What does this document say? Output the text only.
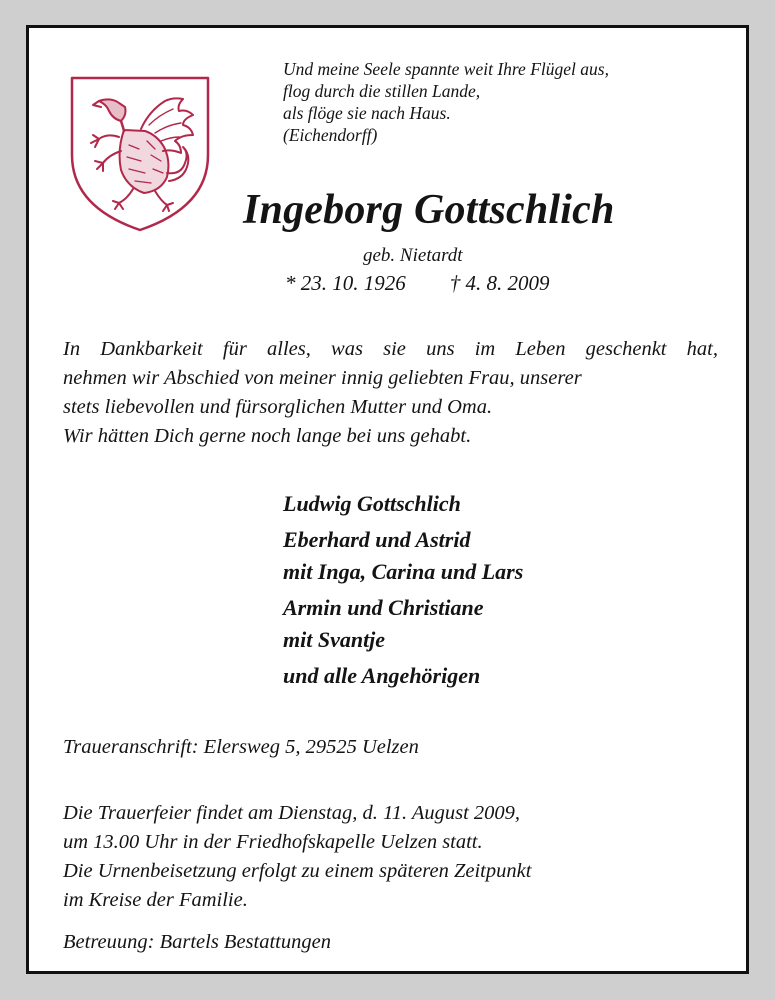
Und meine Seele spannte weit Ihre Flügel aus,
flog durch die stillen Lande,
als flöge sie nach Haus.
(Eichendorff)
Ingeborg Gottschlich
geb. Nietardt
* 23. 10. 1926 † 4. 8. 2009
In Dankbarkeit für alles, was sie uns im Leben geschenkt hat,
nehmen wir Abschied von meiner innig geliebten Frau, unserer
stets liebevollen und fürsorglichen Mutter und Oma.
Wir hätten Dich gerne noch lange bei uns gehabt.
Ludwig Gottschlich
Eberhard und Astrid
mit Inga, Carina und Lars
Armin und Christiane
mit Svantje
und alle Angehörigen
Traueranschrift: Elersweg 5, 29525 Uelzen
Die Trauerfeier findet am Dienstag, d. 11. August 2009,
um 13.00 Uhr in der Friedhofskapelle Uelzen statt.
Die Urnenbeisetzung erfolgt zu einem späteren Zeitpunkt
im Kreise der Familie.
Betreuung: Bartels Bestattungen
